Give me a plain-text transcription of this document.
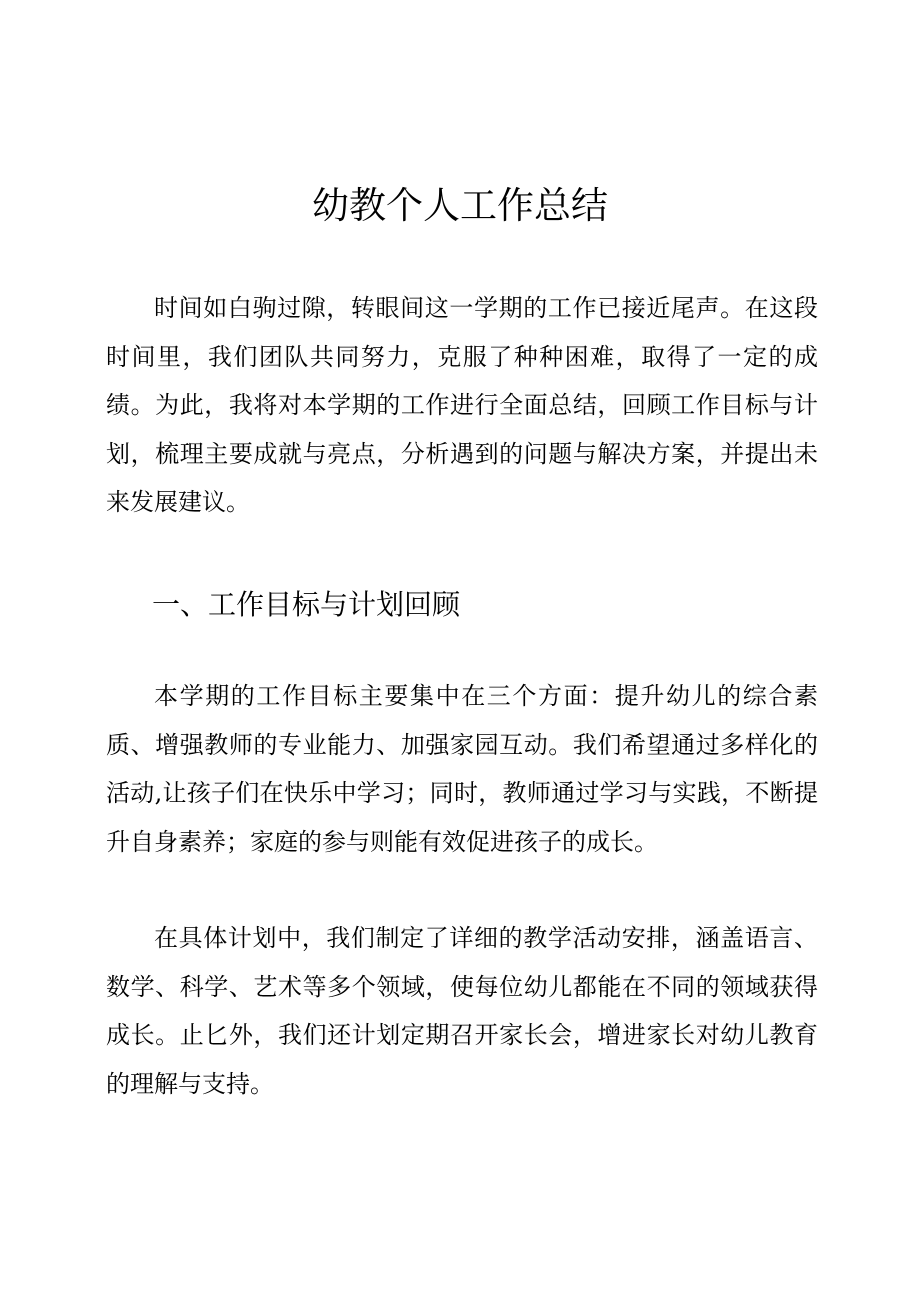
幼教个人工作总结

时间如白驹过隙，转眼间这一学期的工作已接近尾声。在这段时间里，我们团队共同努力，克服了种种困难，取得了一定的成绩。为此，我将对本学期的工作进行全面总结，回顾工作目标与计划，梳理主要成就与亮点，分析遇到的问题与解决方案，并提出未来发展建议。

一、工作目标与计划回顾

本学期的工作目标主要集中在三个方面：提升幼儿的综合素质、增强教师的专业能力、加强家园互动。我们希望通过多样化的活动,让孩子们在快乐中学习；同时，教师通过学习与实践，不断提升自身素养；家庭的参与则能有效促进孩子的成长。

在具体计划中，我们制定了详细的教学活动安排，涵盖语言、数学、科学、艺术等多个领域，使每位幼儿都能在不同的领域获得成长。止匕外，我们还计划定期召开家长会，增进家长对幼儿教育的理解与支持。
